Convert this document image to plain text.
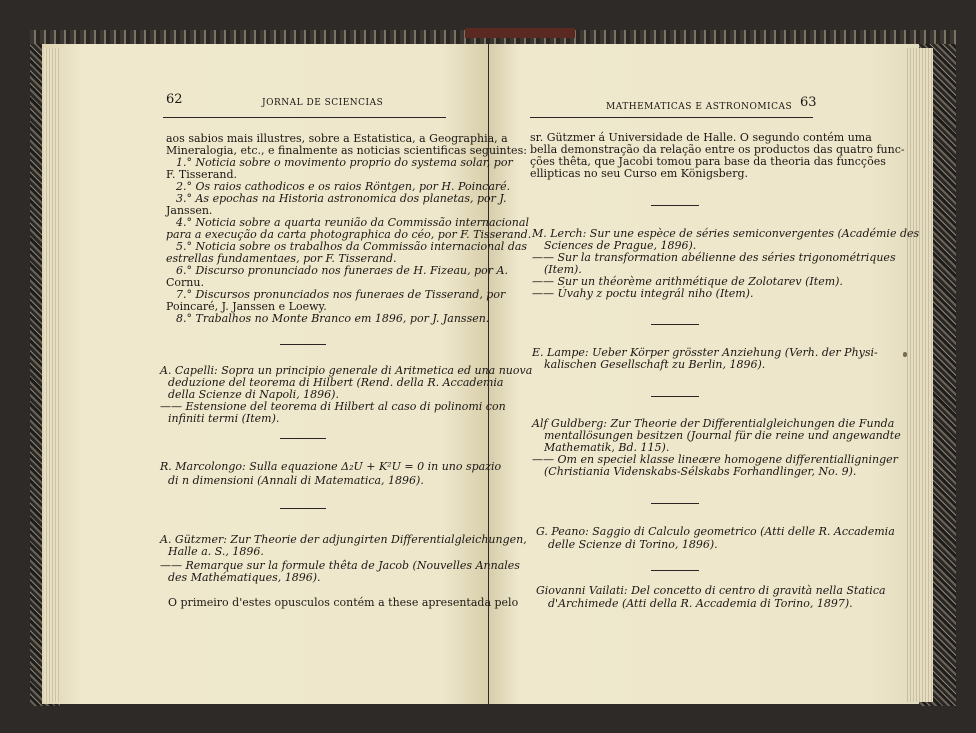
62	JORNAL DE SCIENCIAS
aos sabios mais illustres, sobre a Estatistica, a Geographia, a
Mineralogia, etc., e finalmente as noticias scientificas seguintes:
1.° Noticia sobre o movimento proprio do systema solar, por
F. Tisserand.
2.° Os raios cathodicos e os raios Röntgen, por H. Poincaré.
3.° As epochas na Historia astronomica dos planetas, por J.
Janssen.
4.° Noticia sobre a quarta reunião da Commissão internacional
para a execução da carta photographica do céo, por F. Tisserand.
5.° Noticia sobre os trabalhos da Commissão internacional das
estrellas fundamentaes, por F. Tisserand.
6.° Discurso pronunciado nos funeraes de H. Fizeau, por A.
Cornu.
7.° Discursos pronunciados nos funeraes de Tisserand, por
Poincaré, J. Janssen e Loewy.
8.° Trabalhos no Monte Branco em 1896, por J. Janssen.
A. Capelli: Sopra un principio generale di Aritmetica ed una nuova
deduzione del teorema di Hilbert (Rend. della R. Accademia
della Scienze di Napoli, 1896).
—— Estensione del teorema di Hilbert al caso di polinomi con
infiniti termi (Item).
R. Marcolongo: Sulla equazione Δ₂U + K²U = 0 in uno spazio
di n dimensioni (Annali di Matematica, 1896).
A. Gützmer: Zur Theorie der adjungirten Differentialgleichungen,
Halle a. S., 1896.
—— Remarque sur la formule thêta de Jacob (Nouvelles Annales
des Mathématiques, 1896).
O primeiro d'estes opusculos contém a these apresentada pelo
MATHEMATICAS E ASTRONOMICAS 63
sr. Gützmer á Universidade de Halle. O segundo contém uma
bella demonstração da relação entre os productos das quatro func-
ções thêta, que Jacobi tomou para base da theoria das funcções
ellipticas no seu Curso em Königsberg.
M. Lerch: Sur une espèce de séries semiconvergentes (Académie des
Sciences de Prague, 1896).
—— Sur la transformation abélienne des séries trigonométriques
(Item).
—— Sur un théorème arithmétique de Zolotarev (Item).
—— Úvahy z poctu integrál niho (Item).
E. Lampe: Ueber Körper grösster Anziehung (Verh. der Physi-
kalischen Gesellschaft zu Berlin, 1896).
Alf Guldberg: Zur Theorie der Differentialgleichungen die Funda
mentallösungen besitzen (Journal für die reine und angewandte
Mathematik, Bd. 115).
—— Om en speciel klasse lineære homogene differentialligninger
(Christiania Videnskabs-Sélskabs Forhandlinger, No. 9).
G. Peano: Saggio di Calculo geometrico (Atti delle R. Accademia
delle Scienze di Torino, 1896).
Giovanni Vailati: Del concetto di centro di gravità nella Statica
d'Archimede (Atti della R. Accademia di Torino, 1897).
